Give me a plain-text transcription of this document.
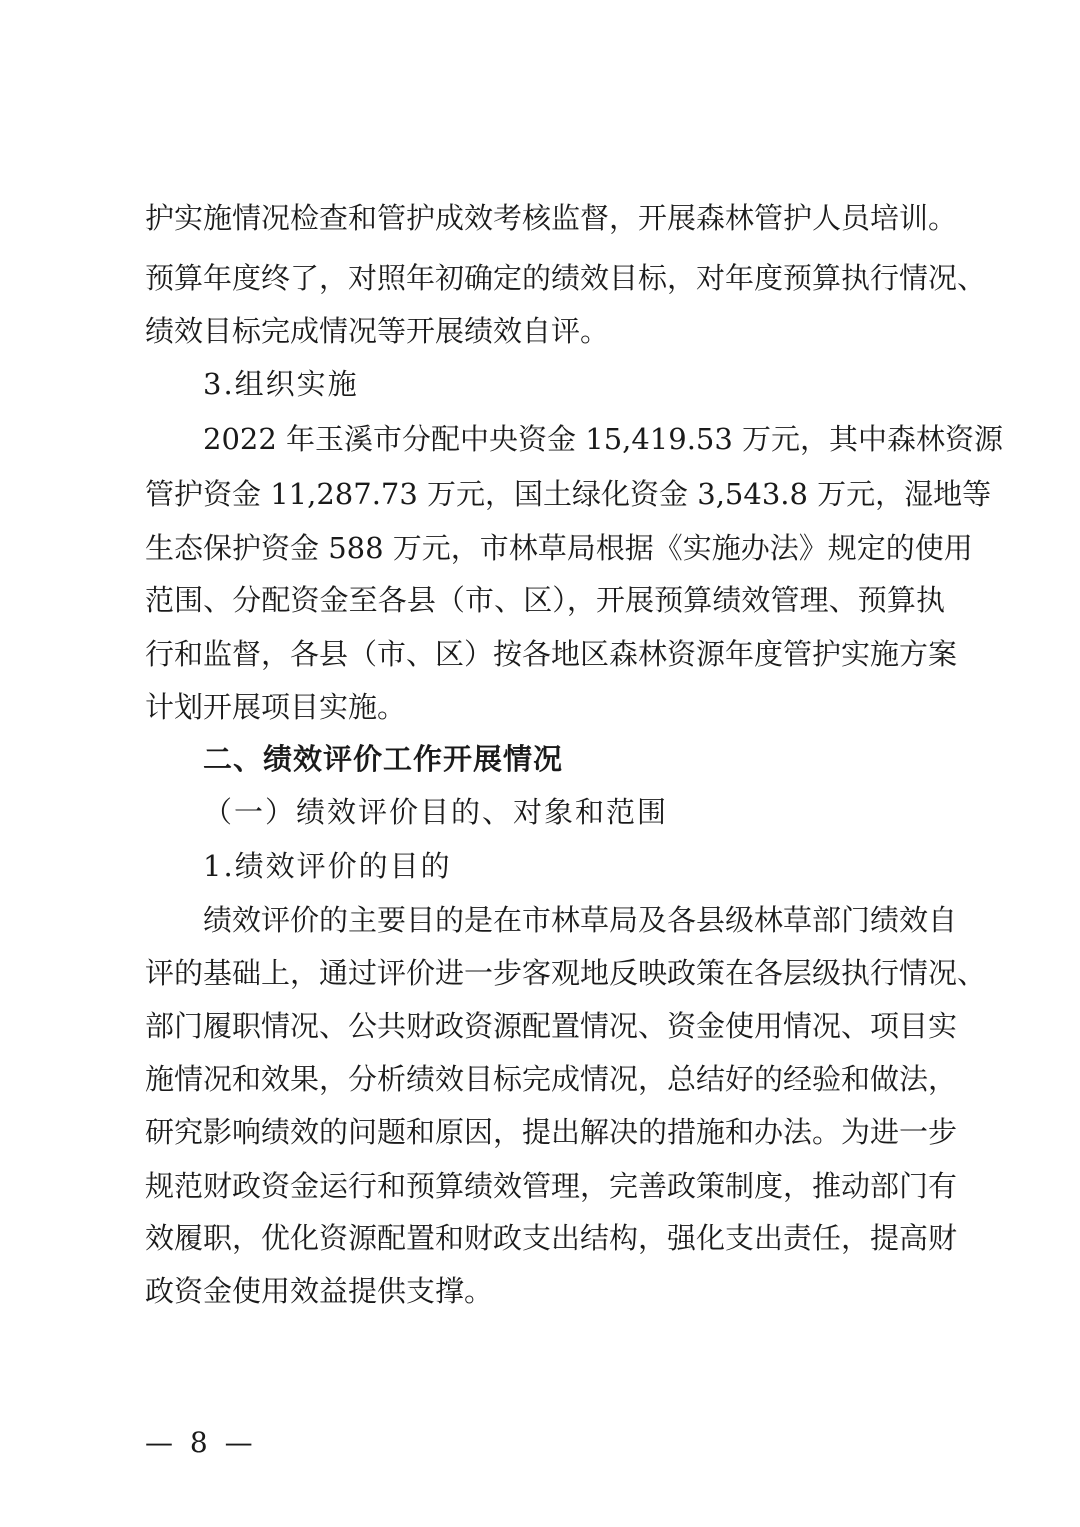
护实施情况检查和管护成效考核监督，开展森林管护人员培训。
预算年度终了，对照年初确定的绩效目标，对年度预算执行情况、
绩效目标完成情况等开展绩效自评。
3.组织实施
2022 年玉溪市分配中央资金 15,419.53 万元，其中森林资源
管护资金 11,287.73 万元，国土绿化资金 3,543.8 万元，湿地等
生态保护资金 588 万元，市林草局根据《实施办法》规定的使用
范围、分配资金至各县（市、区），开展预算绩效管理、预算执
行和监督，各县（市、区）按各地区森林资源年度管护实施方案
计划开展项目实施。
二、绩效评价工作开展情况
（一）绩效评价目的、对象和范围
1.绩效评价的目的
绩效评价的主要目的是在市林草局及各县级林草部门绩效自
评的基础上，通过评价进一步客观地反映政策在各层级执行情况、
部门履职情况、公共财政资源配置情况、资金使用情况、项目实
施情况和效果，分析绩效目标完成情况，总结好的经验和做法，
研究影响绩效的问题和原因，提出解决的措施和办法。为进一步
规范财政资金运行和预算绩效管理，完善政策制度，推动部门有
效履职，优化资源配置和财政支出结构，强化支出责任，提高财
政资金使用效益提供支撑。
— 8 —
